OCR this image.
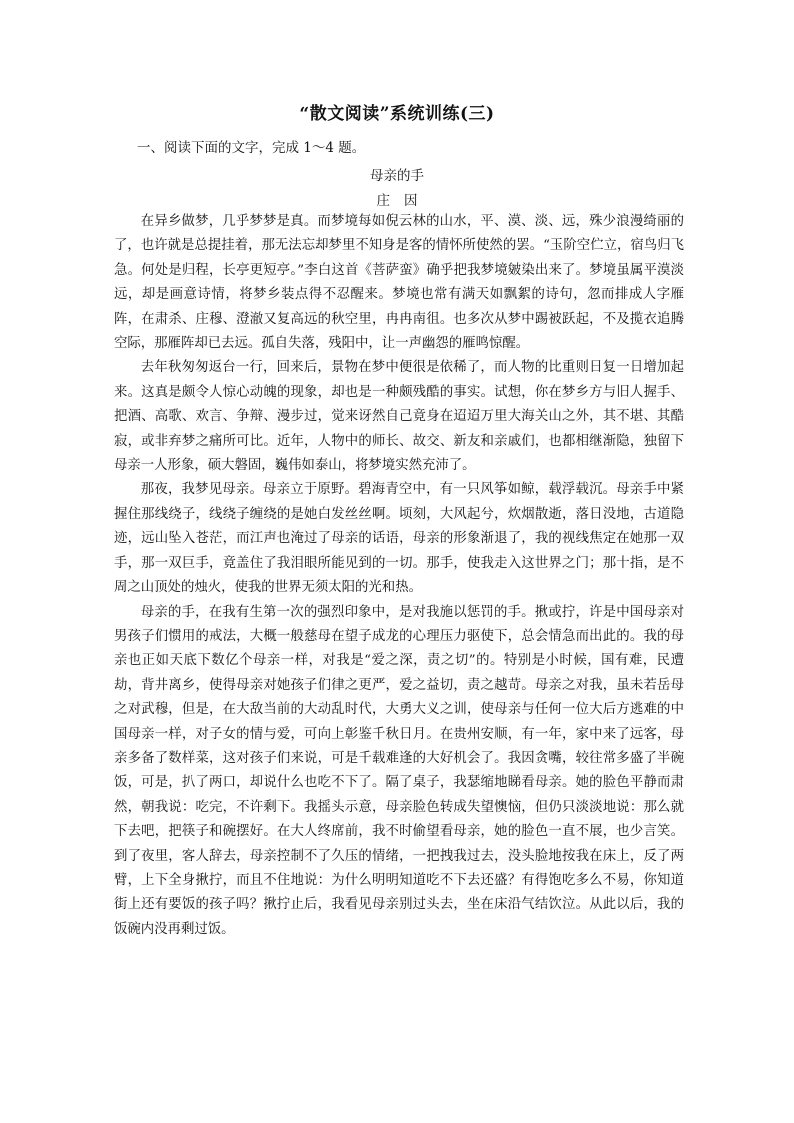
“散文阅读”系统训练(三)
一、阅读下面的文字，完成 1～4 题。
母亲的手
庄因

在异乡做梦，几乎梦梦是真。而梦境每如倪云林的山水，平、漠、淡、远，殊少浪漫绮丽的了，也许就是总提挂着，那无法忘却梦里不知身是客的情怀所使然的罢。“玉阶空伫立，宿鸟归飞急。何处是归程，长亭更短亭。”李白这首《菩萨蛮》确乎把我梦境皴染出来了。梦境虽属平漠淡远，却是画意诗情，将梦乡装点得不忍醒来。梦境也常有满天如飘絮的诗句，忽而排成人字雁阵，在肃杀、庄穆、澄澈又复高远的秋空里，冉冉南徂。也多次从梦中踢被跃起，不及揽衣追腾空际，那雁阵却已去远。孤自失落，残阳中，让一声幽怨的雁鸣惊醒。

去年秋匆匆返台一行，回来后，景物在梦中便很是依稀了，而人物的比重则日复一日增加起来。这真是颇令人惊心动魄的现象，却也是一种颇残酷的事实。试想，你在梦乡方与旧人握手、把酒、高歌、欢言、争辩、漫步过，觉来讶然自己竟身在迢迢万里大海关山之外，其不堪、其酷寂，或非弃梦之痛所可比。近年，人物中的师长、故交、新友和亲戚们，也都相继渐隐，独留下母亲一人形象，硕大磐固，巍伟如泰山，将梦境实然充沛了。

那夜，我梦见母亲。母亲立于原野。碧海青空中，有一只风筝如鲸，载浮载沉。母亲手中紧握住那线绕子，线绕子缠绕的是她白发丝丝啊。顷刻，大风起兮，炊烟散逝，落日没地，古道隐迹，远山坠入苍茫，而江声也淹过了母亲的话语，母亲的形象渐退了，我的视线焦定在她那一双手，那一双巨手，竟盖住了我泪眼所能见到的一切。那手，使我走入这世界之门；那十指，是不周之山顶处的烛火，使我的世界无须太阳的光和热。

母亲的手，在我有生第一次的强烈印象中，是对我施以惩罚的手。揪或拧，许是中国母亲对男孩子们惯用的戒法，大概一般慈母在望子成龙的心理压力驱使下，总会情急而出此的。我的母亲也正如天底下数亿个母亲一样，对我是“爱之深，责之切”的。特别是小时候，国有难，民遭劫，背井离乡，使得母亲对她孩子们律之更严，爱之益切，责之越苛。母亲之对我，虽未若岳母之对武穆，但是，在大敌当前的大动乱时代，大勇大义之训，使母亲与任何一位大后方逃难的中国母亲一样，对子女的情与爱，可向上彰鉴千秋日月。在贵州安顺，有一年，家中来了远客，母亲多备了数样菜，这对孩子们来说，可是千载难逢的大好机会了。我因贪嘴，较往常多盛了半碗饭，可是，扒了两口，却说什么也吃不下了。隔了桌子，我瑟缩地睇看母亲。她的脸色平静而肃然，朝我说：吃完，不许剩下。我摇头示意，母亲脸色转成失望懊恼，但仍只淡淡地说：那么就下去吧，把筷子和碗摆好。在大人终席前，我不时偷望看母亲，她的脸色一直不展，也少言笑。到了夜里，客人辞去，母亲控制不了久压的情绪，一把拽我过去，没头脸地按我在床上，反了两臂，上下全身揪拧，而且不住地说：为什么明明知道吃不下去还盛？有得饱吃多么不易，你知道街上还有要饭的孩子吗？揪拧止后，我看见母亲别过头去，坐在床沿气结饮泣。从此以后，我的饭碗内没再剩过饭。
